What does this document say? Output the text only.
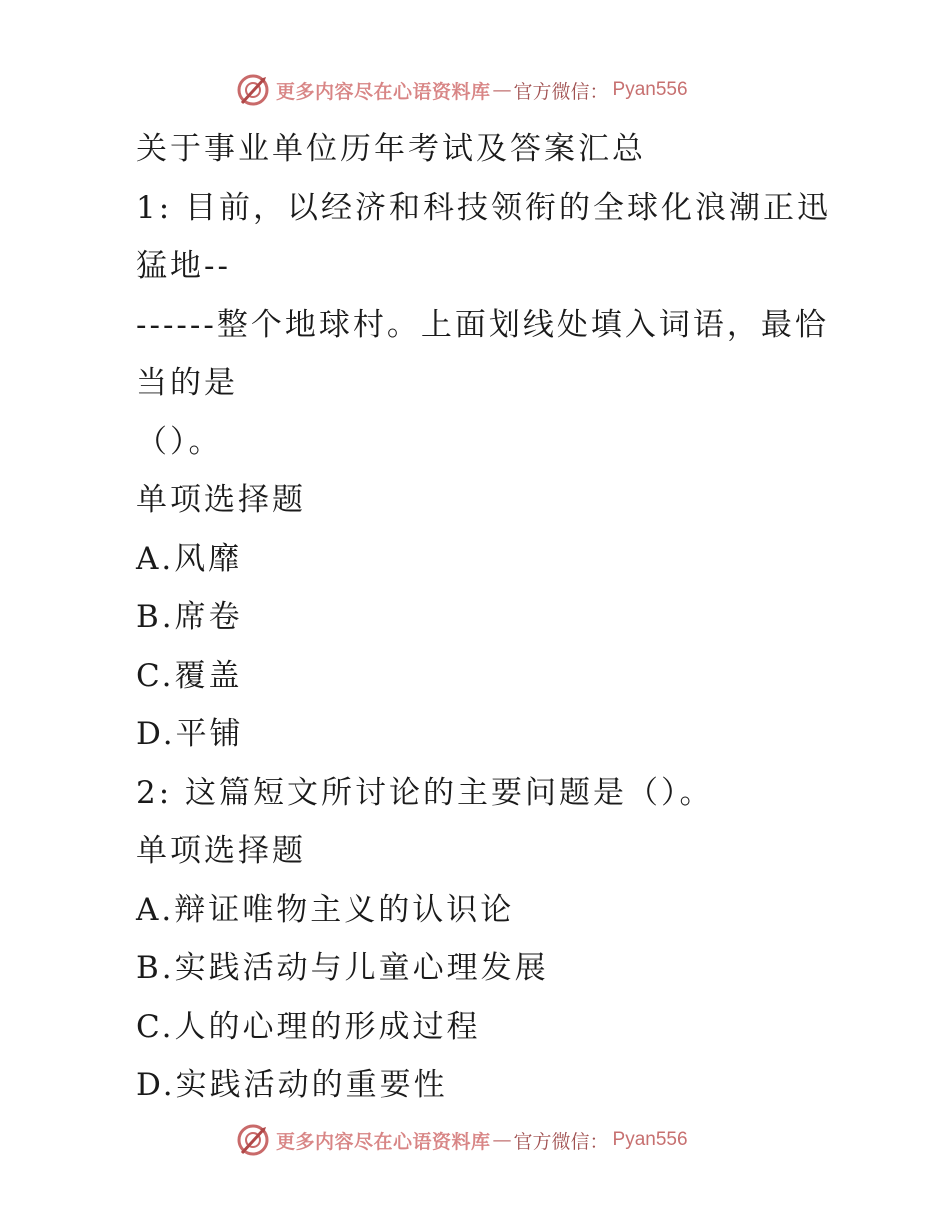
更多内容尽在心语资料库 — 官方微信： Pyan556

关于事业单位历年考试及答案汇总

1: 目前，以经济和科技领衔的全球化浪潮正迅猛地--

------整个地球村。上面划线处填入词语，最恰当的是

（）。

单项选择题

A.风靡

B.席卷

C.覆盖

D.平铺

2: 这篇短文所讨论的主要问题是（）。

单项选择题

A.辩证唯物主义的认识论

B.实践活动与儿童心理发展

C.人的心理的形成过程

D.实践活动的重要性

更多内容尽在心语资料库 — 官方微信： Pyan556
